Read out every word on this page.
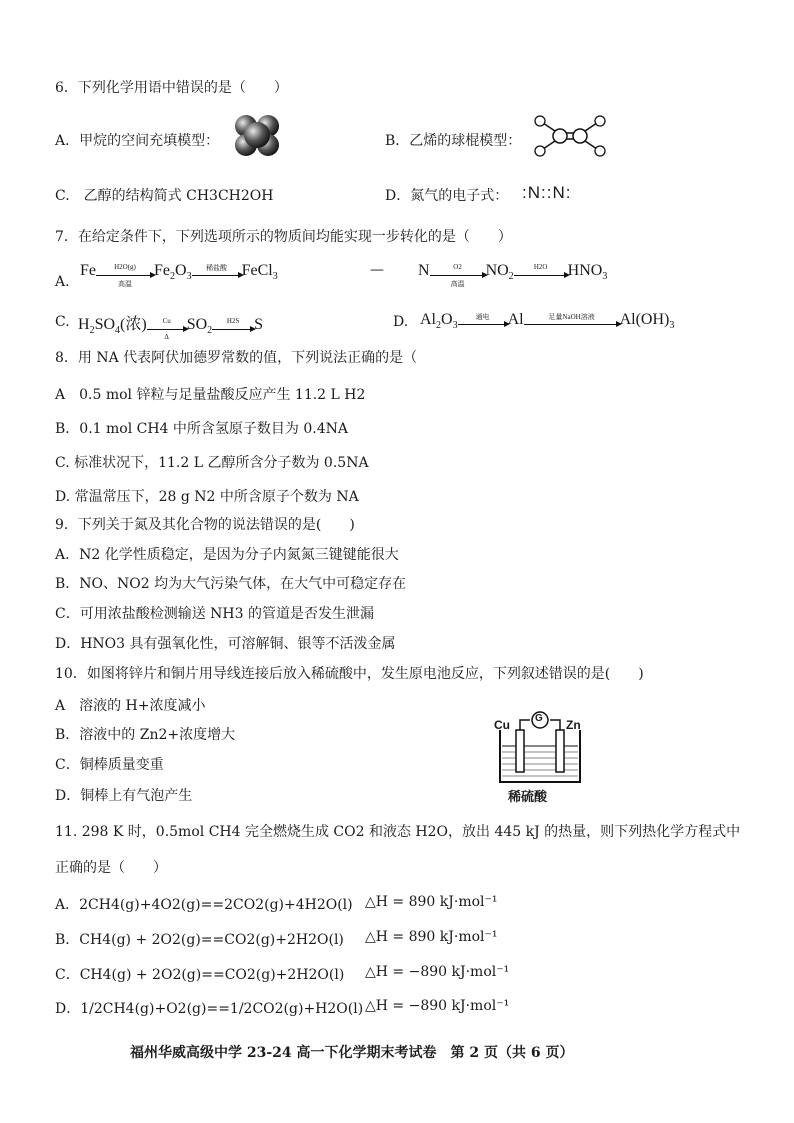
6．下列化学用语中错误的是（　　）
A．甲烷的空间充填模型：	B．乙烯的球棍模型：
C.　乙醇的结构简式 CH3CH2OH	D．氮气的电子式： :N::N:
7．在给定条件下，下列选项所示的物质间均能实现一步转化的是（　　）
A.
Fe	H2O(g)
高温
$Fe_2O_3$
稀盐酸 FeCl$_3$	— N	O2
高温
$NO_2$
H2O	$HNO_3$
C. $H_2SO_4$(浓) $\frac{Cu}{\Delta} SO_2$
H2S S	D. $Al_2O_3$
通电	Al	足量NaOH溶液	$Al(OH)_3$
8．用 NA 代表阿伏加德罗常数的值，下列说法正确的是（
A　0.5 mol 锌粒与足量盐酸反应产生 11.2 L H2
B．0.1 mol CH4 中所含氢原子数目为 0.4NA
C. 标准状况下，11.2 L 乙醇所含分子数为 0.5NA
D. 常温常压下，28 g N2 中所含原子个数为 NA
9．下列关于氮及其化合物的说法错误的是(　　)
A．N2 化学性质稳定，是因为分子内氮氮三键键能很大
B．NO、NO2 均为大气污染气体，在大气中可稳定存在
C．可用浓盐酸检测输送 NH3 的管道是否发生泄漏
D．HNO3 具有强氧化性，可溶解铜、银等不活泼金属
10．如图将锌片和铜片用导线连接后放入稀硫酸中，发生原电池反应，下列叙述错误的是(　　)
A　溶液的 H+浓度减小
B．溶液中的 Zn2+浓度增大
C．铜棒质量变重
D．铜棒上有气泡产生
Cu	Zn
G
稀硫酸
11. 298 K 时，0.5mol CH4 完全燃烧生成 CO2 和液态 H2O，放出 445 kJ 的热量，则下列热化学方程式中
正确的是（　　）
A．2CH4(g)+4O2(g)==2CO2(g)+4H2O(l) △H = 890 kJ·mol⁻¹
B．CH4(g) + 2O2(g)==CO2(g)+2H2O(l) △H = 890 kJ·mol⁻¹
C．CH4(g) + 2O2(g)==CO2(g)+2H2O(l) △H = −890 kJ·mol⁻¹
D．1/2CH4(g)+O2(g)==1/2CO2(g)+H2O(l) △H = −890 kJ·mol⁻¹
福州华威高级中学 23-24 高一下化学期末考试卷　第 2 页（共 6 页）
